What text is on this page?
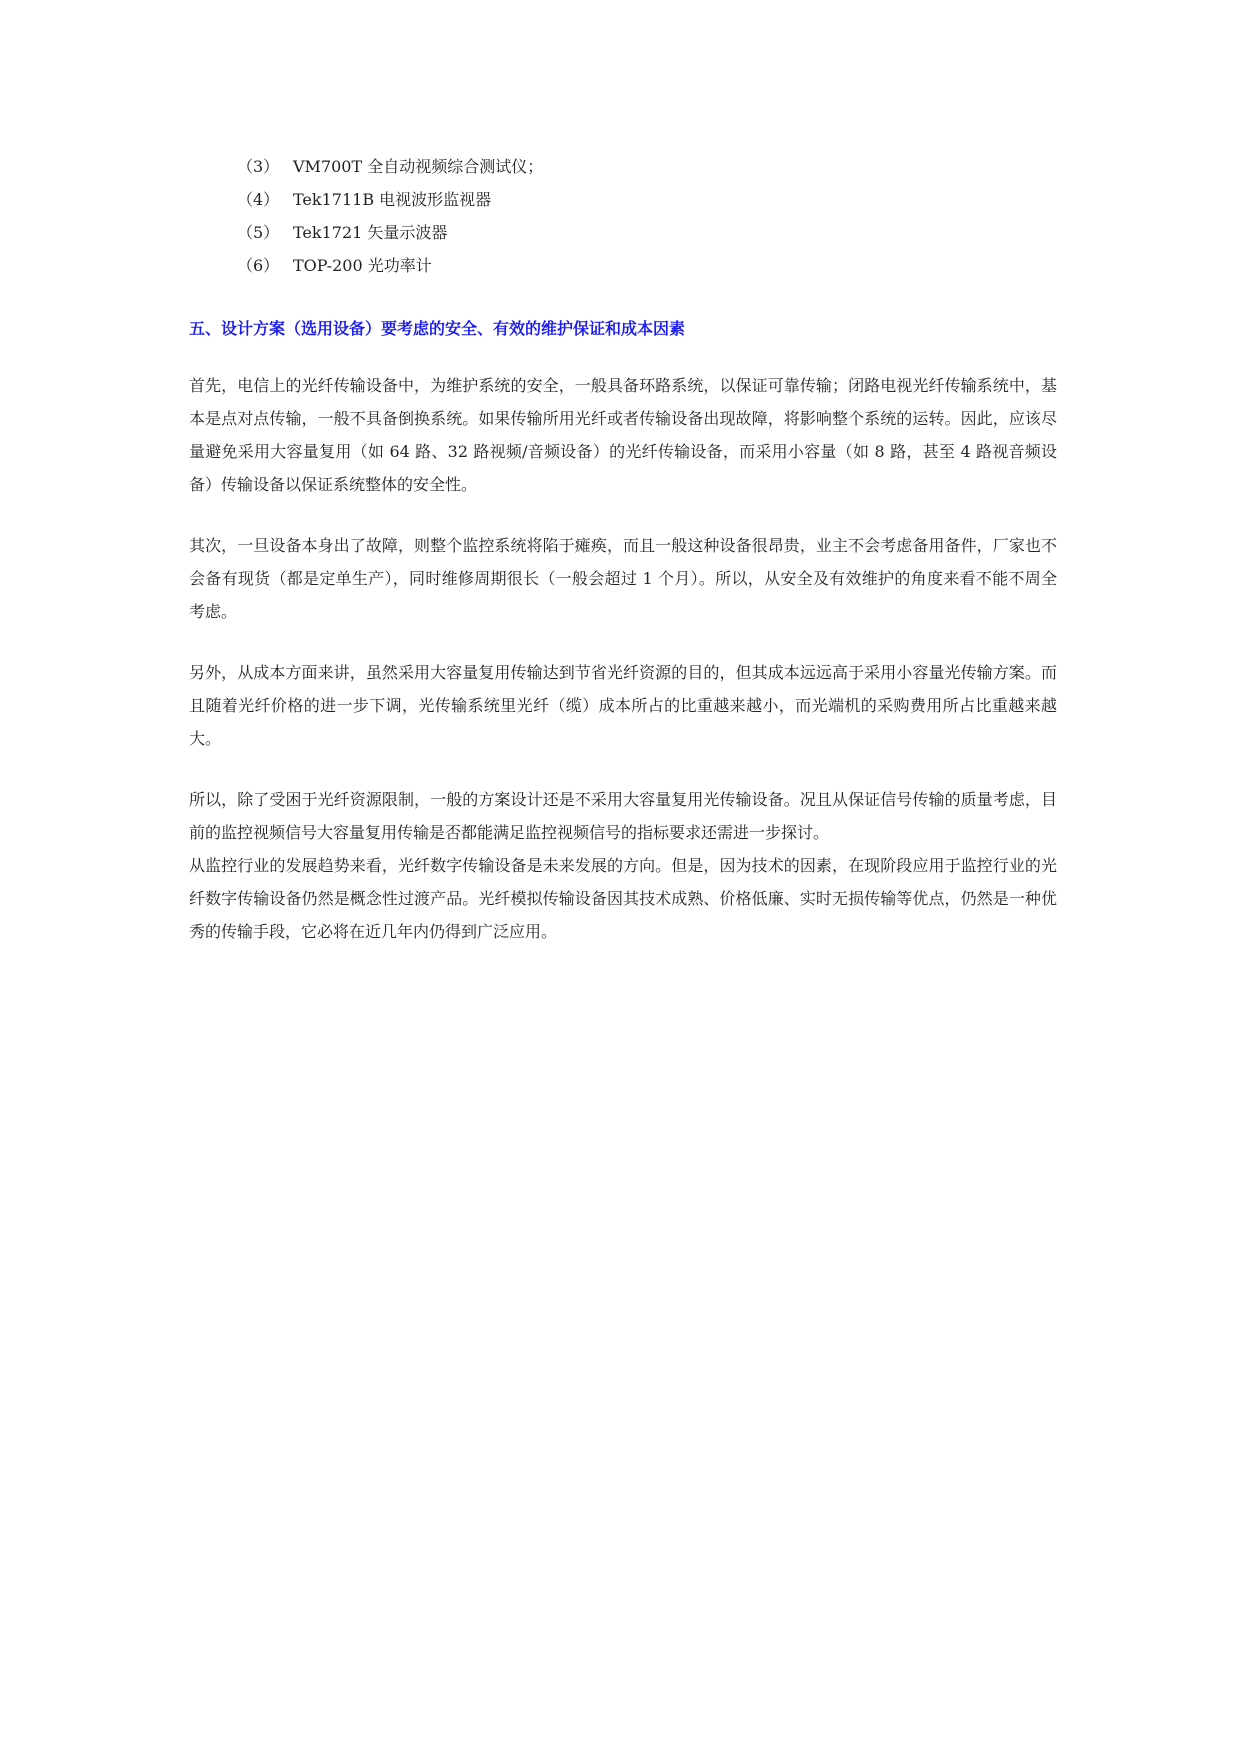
（3） VM700T 全自动视频综合测试仪；
（4） Tek1711B 电视波形监视器
（5） Tek1721 矢量示波器
（6） TOP-200 光功率计
五、设计方案（选用设备）要考虑的安全、有效的维护保证和成本因素

首先，电信上的光纤传输设备中，为维护系统的安全，一般具备环路系统，以保证可靠传输；闭路电视光纤传输系统中，基本是点对点传输，一般不具备倒换系统。如果传输所用光纤或者传输设备出现故障，将影响整个系统的运转。因此，应该尽量避免采用大容量复用（如 64 路、32 路视频/音频设备）的光纤传输设备，而采用小容量（如 8 路，甚至 4 路视音频设备）传输设备以保证系统整体的安全性。

其次，一旦设备本身出了故障，则整个监控系统将陷于瘫痪，而且一般这种设备很昂贵，业主不会考虑备用备件，厂家也不会备有现货（都是定单生产），同时维修周期很长（一般会超过 1 个月）。所以，从安全及有效维护的角度来看不能不周全考虑。

另外，从成本方面来讲，虽然采用大容量复用传输达到节省光纤资源的目的，但其成本远远高于采用小容量光传输方案。而且随着光纤价格的进一步下调，光传输系统里光纤（缆）成本所占的比重越来越小，而光端机的采购费用所占比重越来越大。

所以，除了受困于光纤资源限制，一般的方案设计还是不采用大容量复用光传输设备。况且从保证信号传输的质量考虑，目前的监控视频信号大容量复用传输是否都能满足监控视频信号的指标要求还需进一步探讨。

从监控行业的发展趋势来看，光纤数字传输设备是未来发展的方向。但是，因为技术的因素，在现阶段应用于监控行业的光纤数字传输设备仍然是概念性过渡产品。光纤模拟传输设备因其技术成熟、价格低廉、实时无损传输等优点，仍然是一种优秀的传输手段，它必将在近几年内仍得到广泛应用。
